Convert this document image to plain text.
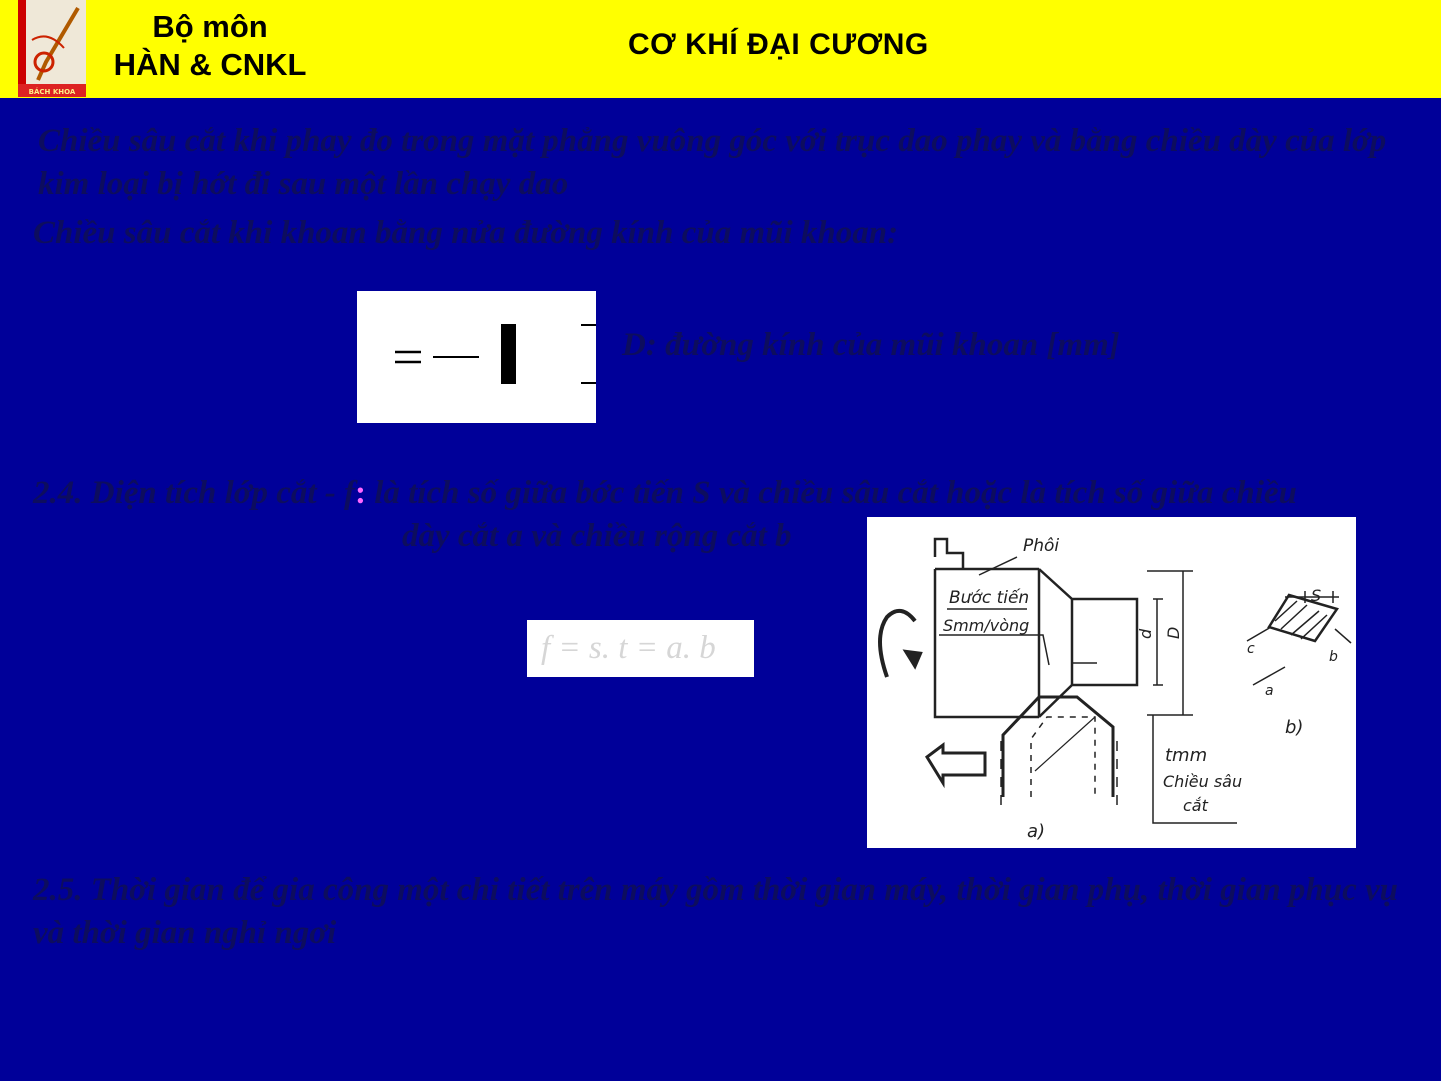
BÁCH KHOA
Bộ môn
HÀN & CNKL
CƠ KHÍ ĐẠI CƯƠNG

Chiều sâu cắt khi phay đo trong mặt phẳng vuông góc với trục dao phay và bằng chiều dày của lớp kim loại bị hớt đi sau một lần chạy dao

Chiều sâu cắt khi khoan bằng nửa đường kính của mũi khoan:

D: đường kính của mũi khoan [mm]

2.4. Diện tích lớp cắt - f: là tích số giữa bớc tiến S và chiều sâu cắt hoặc là tích số giữa chiều

dày cắt a và chiều rộng cắt b

f = s. t = a. b
Phôi
Bước tiến
Smm/vòng	d D
tmm
Chiều sâu
cắt
a)
b)
S
a
b
c

2.5. Thời gian để gia công một chi tiết trên máy gồm thời gian máy, thời gian phụ, thời gian phục vụ và thời gian nghỉ ngơi
